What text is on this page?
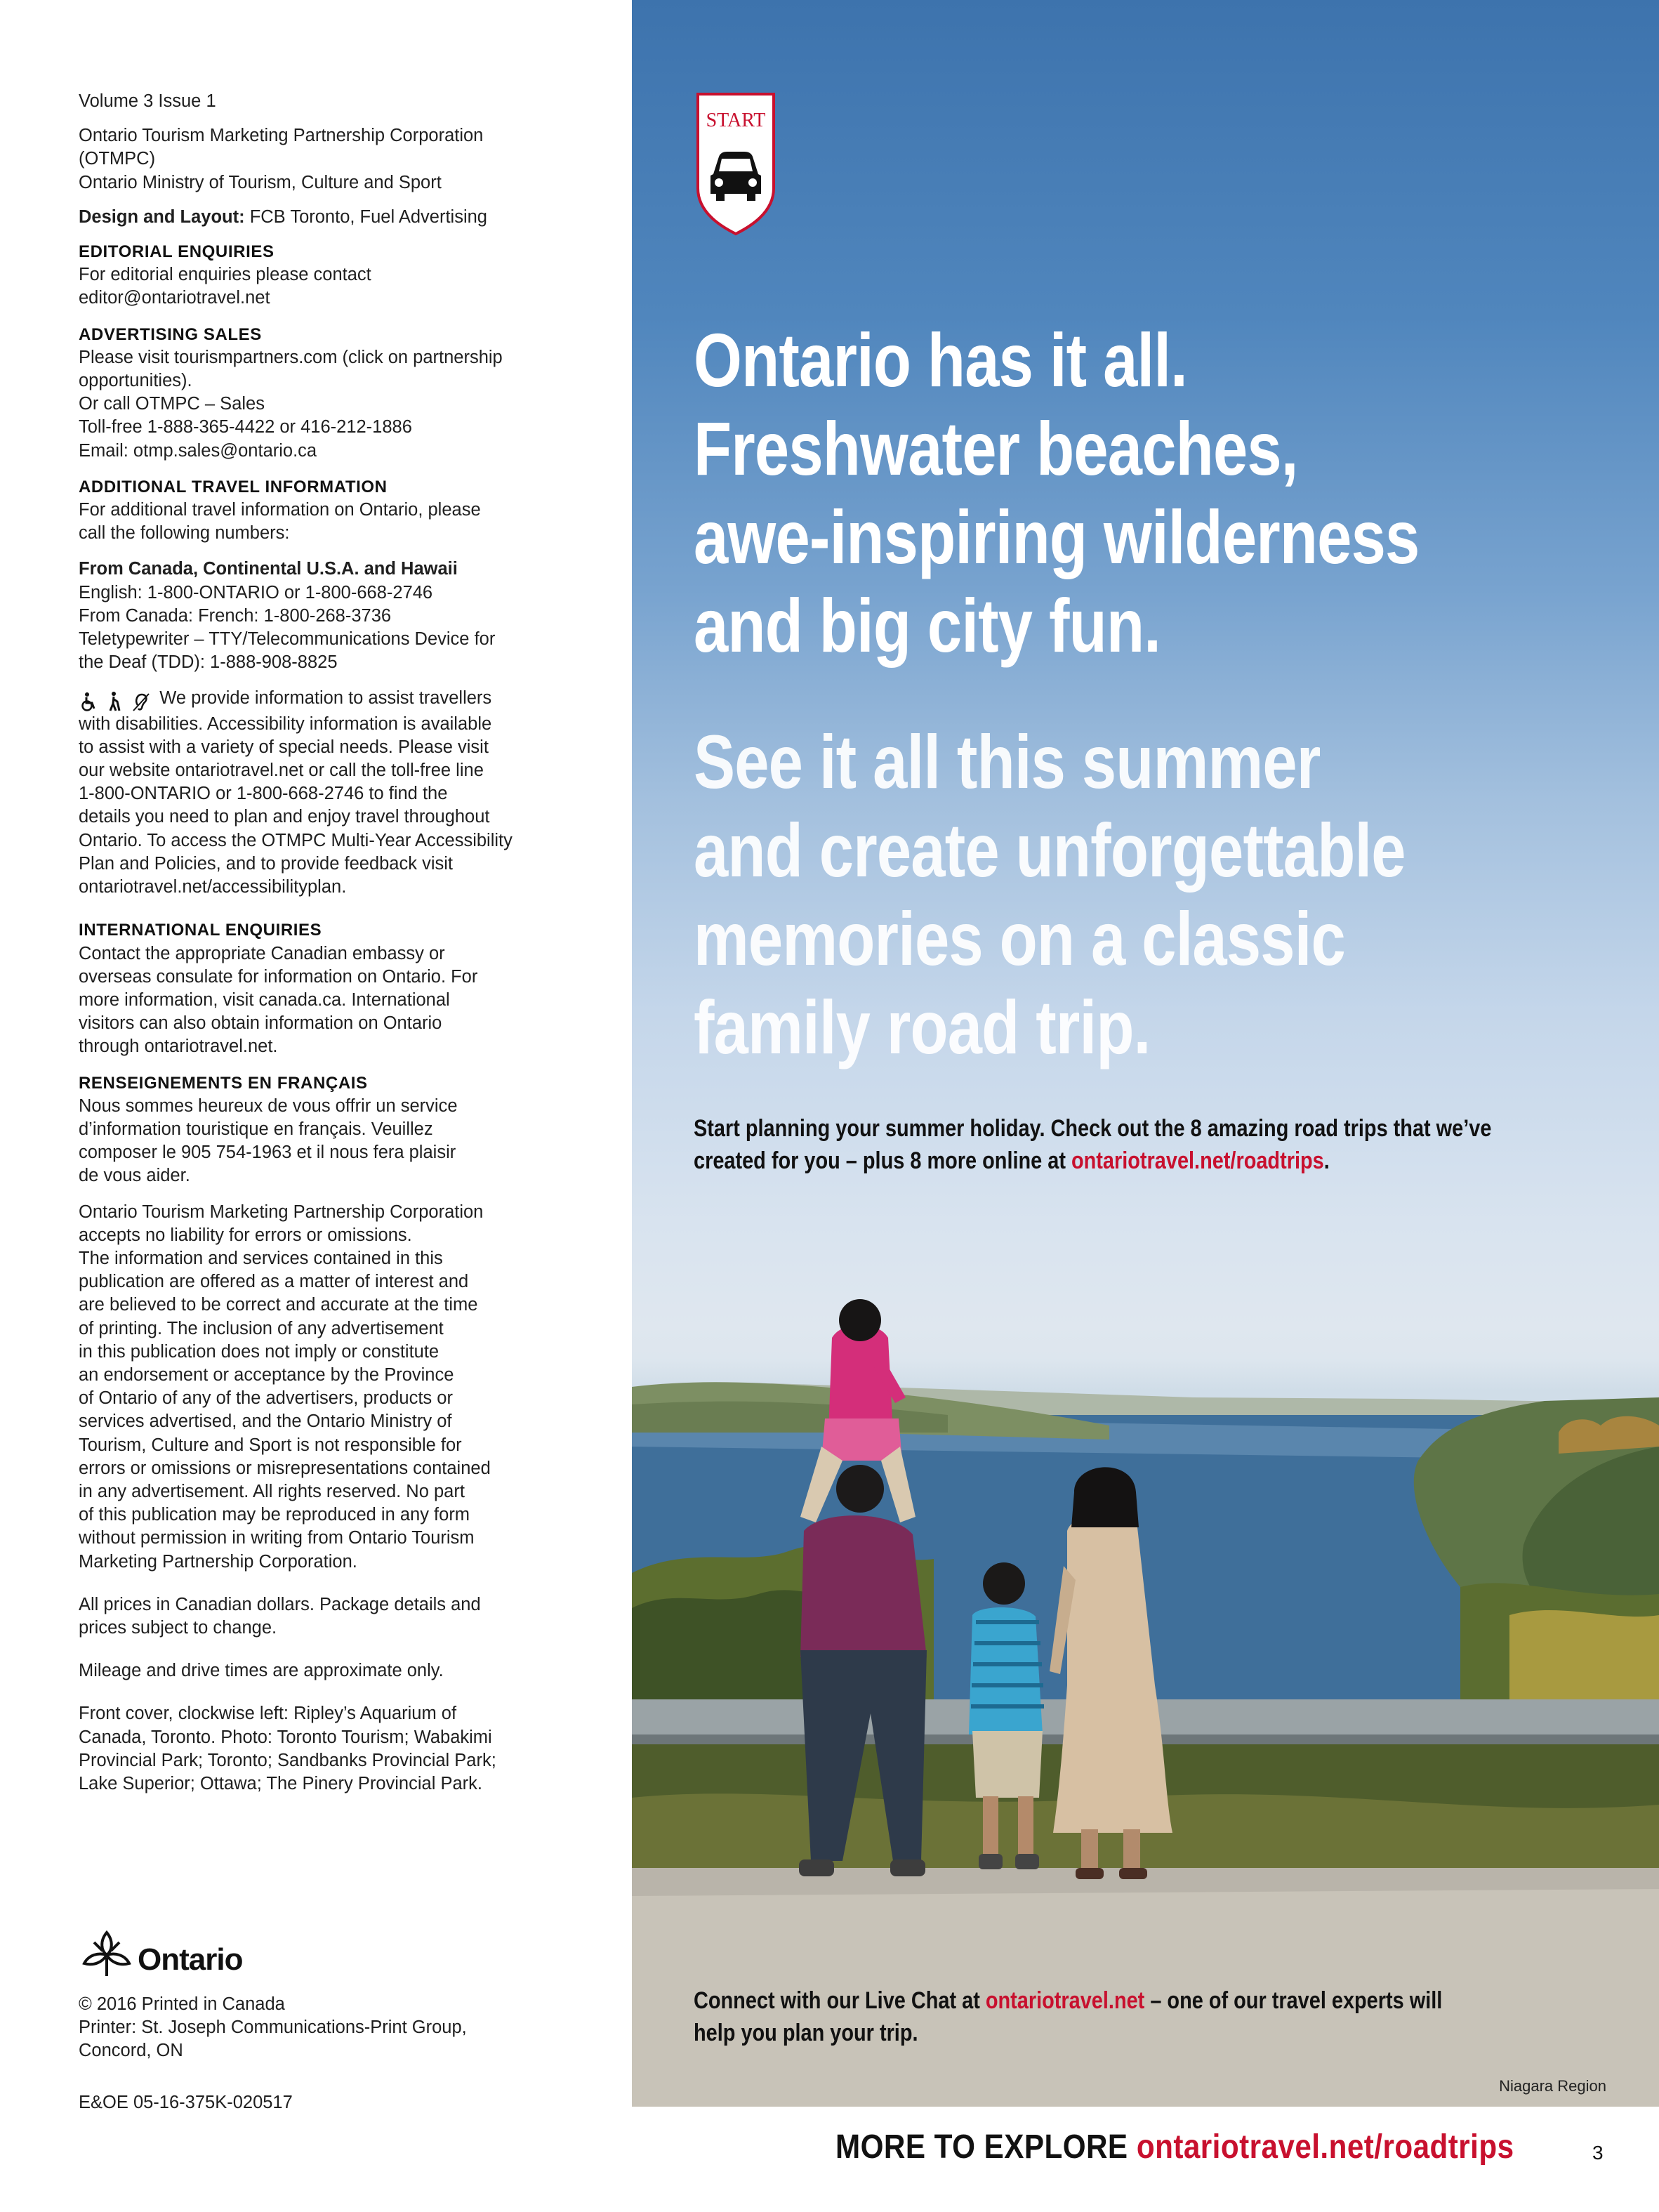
Volume 3 Issue 1

Ontario Tourism Marketing Partnership Corporation
(OTMPC)
Ontario Ministry of Tourism, Culture and Sport

Design and Layout: FCB Toronto, Fuel Advertising

EDITORIAL ENQUIRIES
For editorial enquiries please contact
editor@ontariotravel.net
ADVERTISING SALES
Please visit tourismpartners.com (click on partnership
opportunities).
Or call OTMPC – Sales
Toll-free 1-888-365-4422 or 416-212-1886
Email: otmp.sales@ontario.ca
ADDITIONAL TRAVEL INFORMATION
For additional travel information on Ontario, please
call the following numbers:
From Canada, Continental U.S.A. and Hawaii
English: 1-800-ONTARIO or 1-800-668-2746
From Canada: French: 1-800-268-3736
Teletypewriter – TTY/Telecommunications Device for
the Deaf (TDD): 1-888-908-8825
We provide information to assist travellers
with disabilities. Accessibility information is available
to assist with a variety of special needs. Please visit
our website ontariotravel.net or call the toll-free line
1-800-ONTARIO or 1-800-668-2746 to find the
details you need to plan and enjoy travel throughout
Ontario. To access the OTMPC Multi-Year Accessibility
Plan and Policies, and to provide feedback visit
ontariotravel.net/accessibilityplan.
INTERNATIONAL ENQUIRIES
Contact the appropriate Canadian embassy or
overseas consulate for information on Ontario. For
more information, visit canada.ca. International
visitors can also obtain information on Ontario
through ontariotravel.net.
RENSEIGNEMENTS EN FRANÇAIS
Nous sommes heureux de vous offrir un service
d’information touristique en français. Veuillez
composer le 905 754-1963 et il nous fera plaisir
de vous aider.
Ontario Tourism Marketing Partnership Corporation
accepts no liability for errors or omissions.
The information and services contained in this
publication are offered as a matter of interest and
are believed to be correct and accurate at the time
of printing. The inclusion of any advertisement
in this publication does not imply or constitute
an endorsement or acceptance by the Province
of Ontario of any of the advertisers, products or
services advertised, and the Ontario Ministry of
Tourism, Culture and Sport is not responsible for
errors or omissions or misrepresentations contained
in any advertisement. All rights reserved. No part
of this publication may be reproduced in any form
without permission in writing from Ontario Tourism
Marketing Partnership Corporation.
All prices in Canadian dollars. Package details and
prices subject to change.
Mileage and drive times are approximate only.
Front cover, clockwise left: Ripley’s Aquarium of
Canada, Toronto. Photo: Toronto Tourism; Wabakimi
Provincial Park; Toronto; Sandbanks Provincial Park;
Lake Superior; Ottawa; The Pinery Provincial Park.
Ontario
© 2016 Printed in Canada
Printer: St. Joseph Communications-Print Group,
Concord, ON
E&OE 05-16-375K-020517
START
Ontario has it all.
Freshwater beaches,
awe-inspiring wilderness
and big city fun.
See it all this summer
and create unforgettable
memories on a classic
family road trip.
Start planning your summer holiday. Check out the 8 amazing road trips that we’ve
created for you – plus 8 more online at ontariotravel.net/roadtrips.
Connect with our Live Chat at ontariotravel.net – one of our travel experts will
help you plan your trip.
Niagara Region
MORE TO EXPLORE ontariotravel.net/roadtrips	3
